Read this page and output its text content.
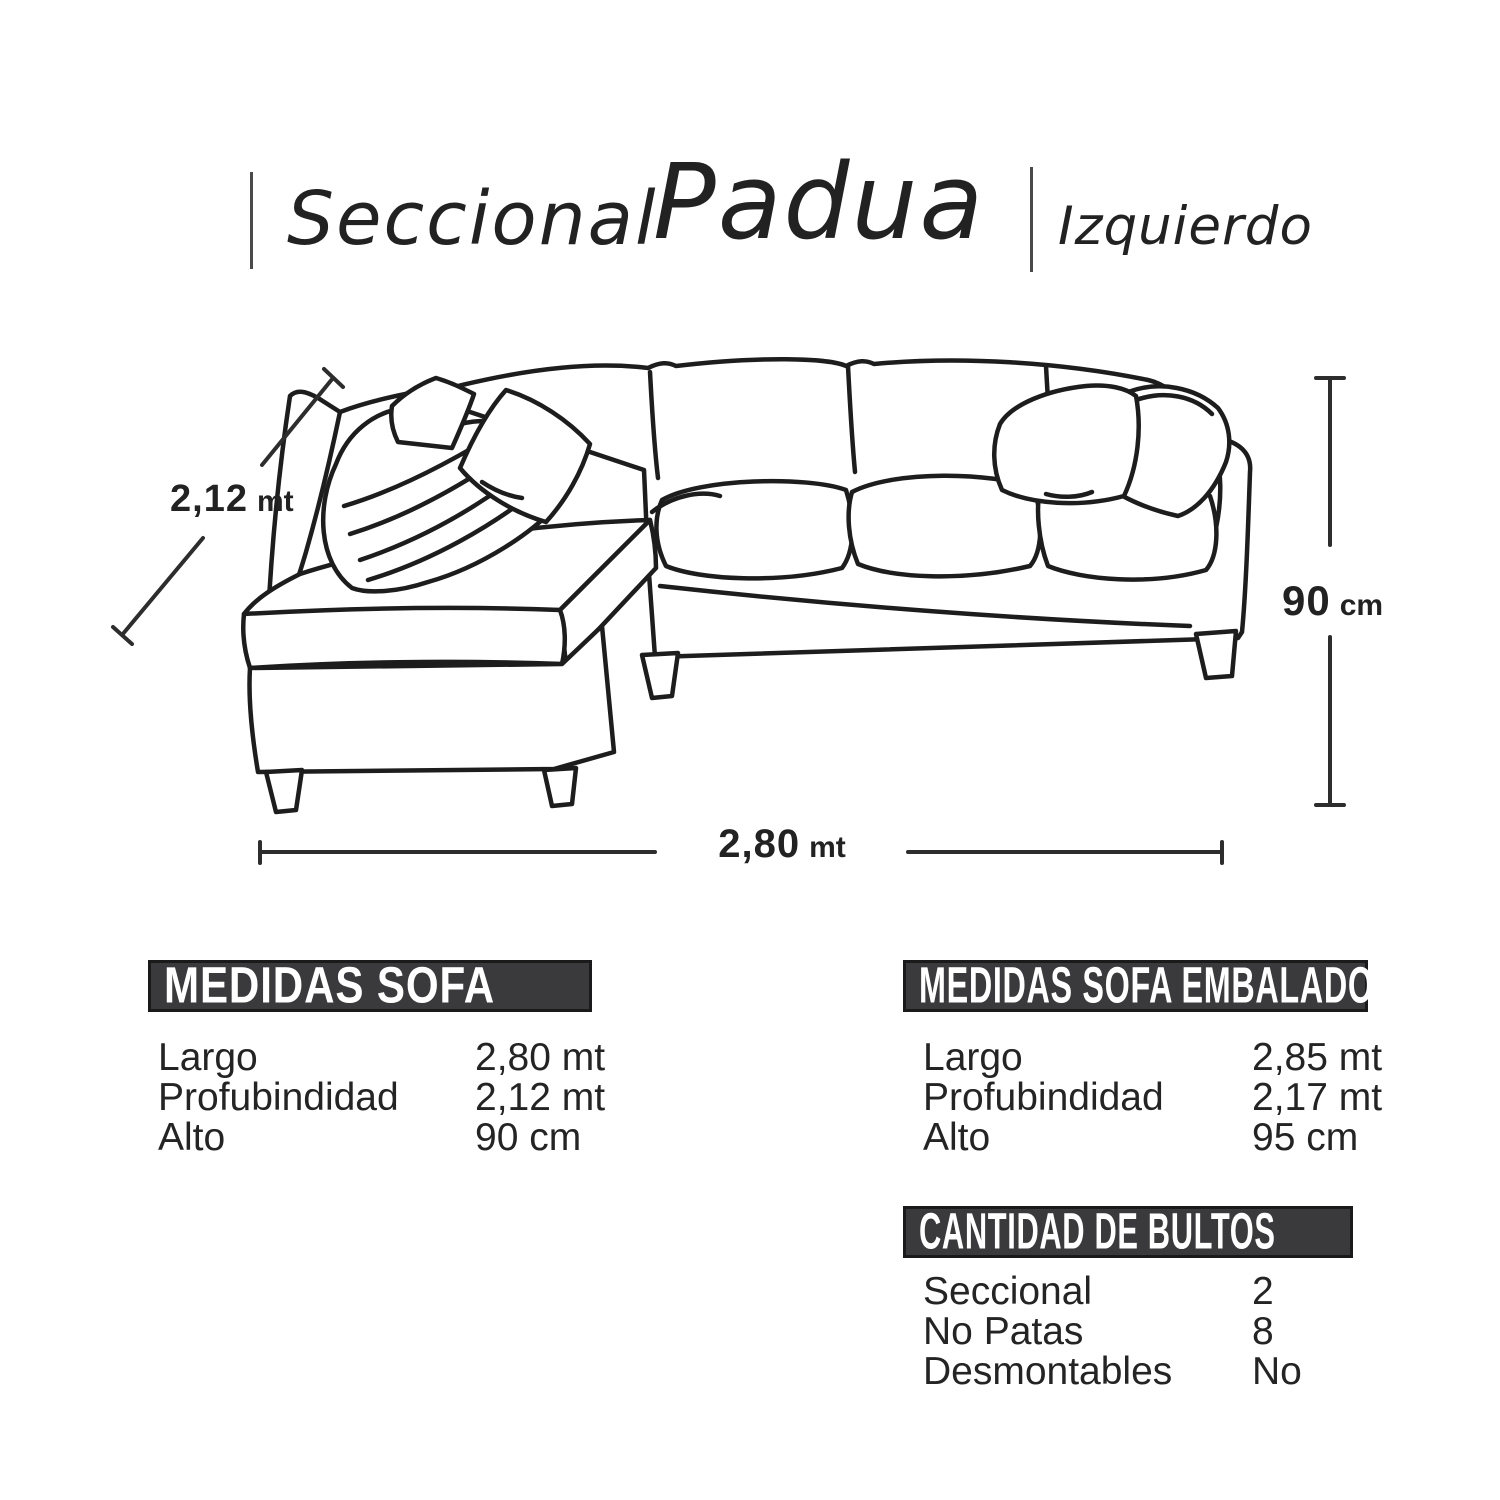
Seccional
Padua Izquierdo
2,12 mt
90 cm
2,80 mt
MEDIDAS SOFA
Largo	2,80 mt
Profubindidad	2,12 mt
Alto	90 cm
MEDIDAS SOFA EMBALADO
Largo	2,85 mt
Profubindidad	2,17 mt
Alto	95 cm
CANTIDAD DE BULTOS
Seccional	2
No Patas	8
Desmontables	No
